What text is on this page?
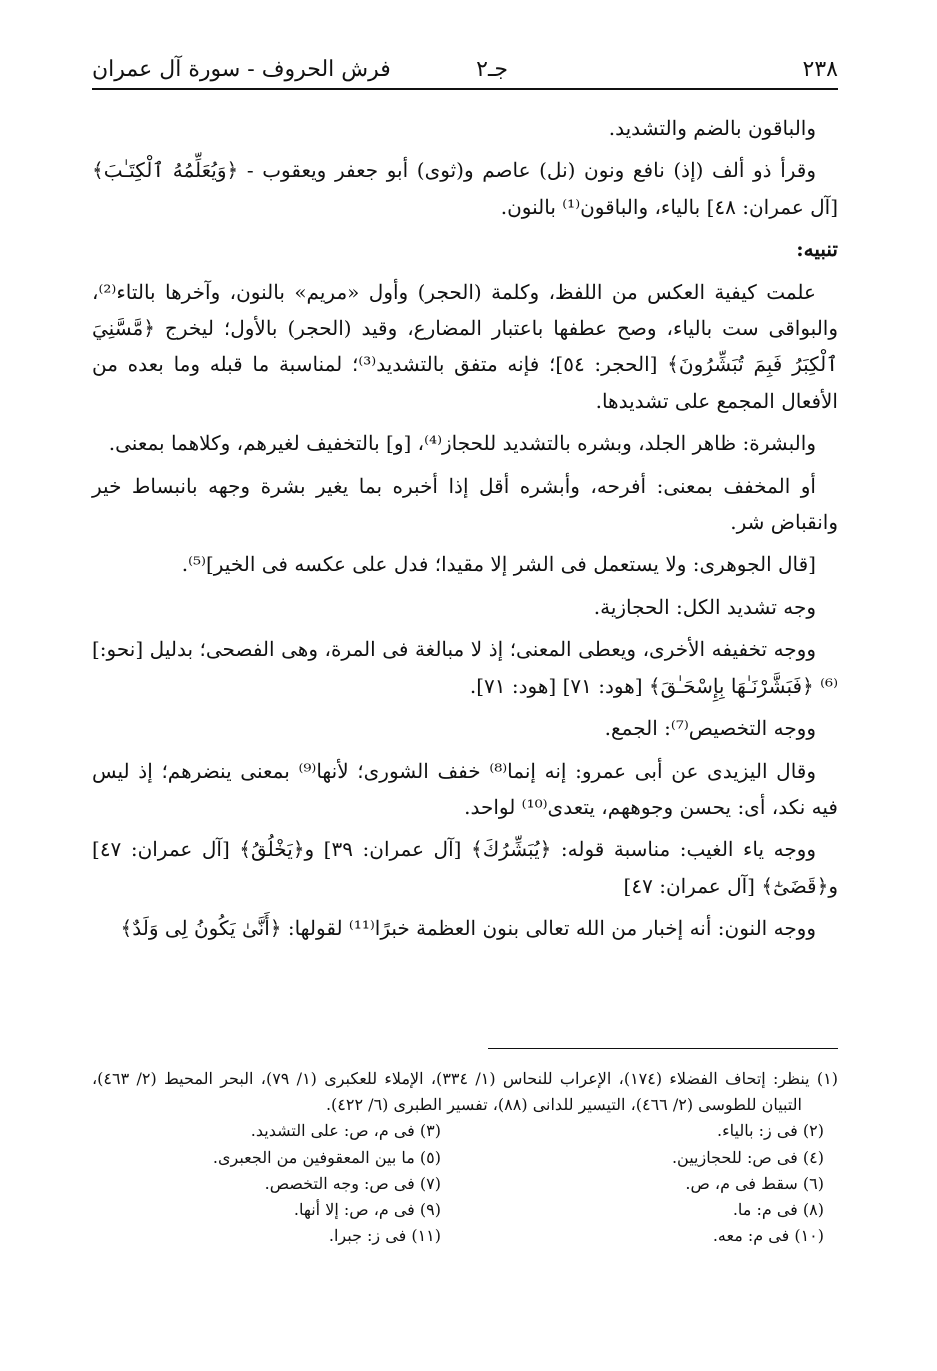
٢٣٨
جـ٢
فرش الحروف - سورة آل عمران

والباقون بالضم والتشديد.

وقرأ ذو ألف (إذ) نافع ونون (نل) عاصم و(ثوى) أبو جعفر ويعقوب - ﴿وَيُعَلِّمُهُ ٱلْكِتَـٰبَ﴾ [آل عمران: ٤٨] بالياء، والباقون⁽¹⁾ بالنون.

تنبيه:

علمت كيفية العكس من اللفظ، وكلمة (الحجر) وأول «مريم» بالنون، وآخرها بالتاء⁽²⁾، والبواقى ست بالياء، وصح عطفها باعتبار المضارع، وقيد (الحجر) بالأول؛ ليخرج ﴿مَّسَّنِيَ ٱلْكِبَرُ فَبِمَ تُبَشِّرُونَ﴾ [الحجر: ٥٤]؛ فإنه متفق بالتشديد⁽³⁾؛ لمناسبة ما قبله وما بعده من الأفعال المجمع على تشديدها.

والبشرة: ظاهر الجلد، وبشره بالتشديد للحجاز⁽⁴⁾، [و] بالتخفيف لغيرهم، وكلاهما بمعنى.

أو المخفف بمعنى: أفرحه، وأبشره أقل إذا أخبره بما يغير بشرة وجهه بانبساط خير وانقباض شر.

[قال الجوهرى: ولا يستعمل فى الشر إلا مقيدا؛ فدل على عكسه فى الخير]⁽⁵⁾.

وجه تشديد الكل: الحجازية.

ووجه تخفيفه الأخرى، ويعطى المعنى؛ إذ لا مبالغة فى المرة، وهى الفصحى؛ بدليل [نحو:]⁽⁶⁾ ﴿فَبَشَّرْنَـٰهَا بِإِسْحَـٰقَ﴾ [هود: ٧١] [هود: ٧١].

ووجه التخصيص⁽⁷⁾: الجمع.

وقال اليزيدى عن أبى عمرو: إنه إنما⁽⁸⁾ خفف الشورى؛ لأنها⁽⁹⁾ بمعنى ينضرهم؛ إذ ليس فيه نكد، أى: يحسن وجوههم، يتعدى⁽¹⁰⁾ لواحد.

ووجه ياء الغيب: مناسبة قوله: ﴿يُبَشِّرُكَ﴾ [آل عمران: ٣٩] و﴿يَخْلُقُ﴾ [آل عمران: ٤٧] و﴿قَضَىٰٓ﴾ [آل عمران: ٤٧]

ووجه النون: أنه إخبار من الله تعالى بنون العظمة خبرًا⁽¹¹⁾ لقولها: ﴿أَنَّىٰ يَكُونُ لِى وَلَدٌ﴾

(١) ينظر: إتحاف الفضلاء (١٧٤)، الإعراب للنحاس (١/ ٣٣٤)، الإملاء للعكبرى (١/ ٧٩)، البحر المحيط (٢/ ٤٦٣)، التبيان للطوسى (٢/ ٤٦٦)، التيسير للدانى (٨٨)، تفسير الطبرى (٦/ ٤٢٢).

(٢) فى ز: بالياء.
(٣) فى م، ص: على التشديد.
(٤) فى ص: للحجازيين.
(٥) ما بين المعقوفين من الجعبرى.
(٦) سقط فى م، ص.
(٧) فى ص: وجه التخصص.
(٨) فى م: ما.
(٩) فى م، ص: إلا أنها.
(١٠) فى م: معه.
(١١) فى ز: جبرا.
